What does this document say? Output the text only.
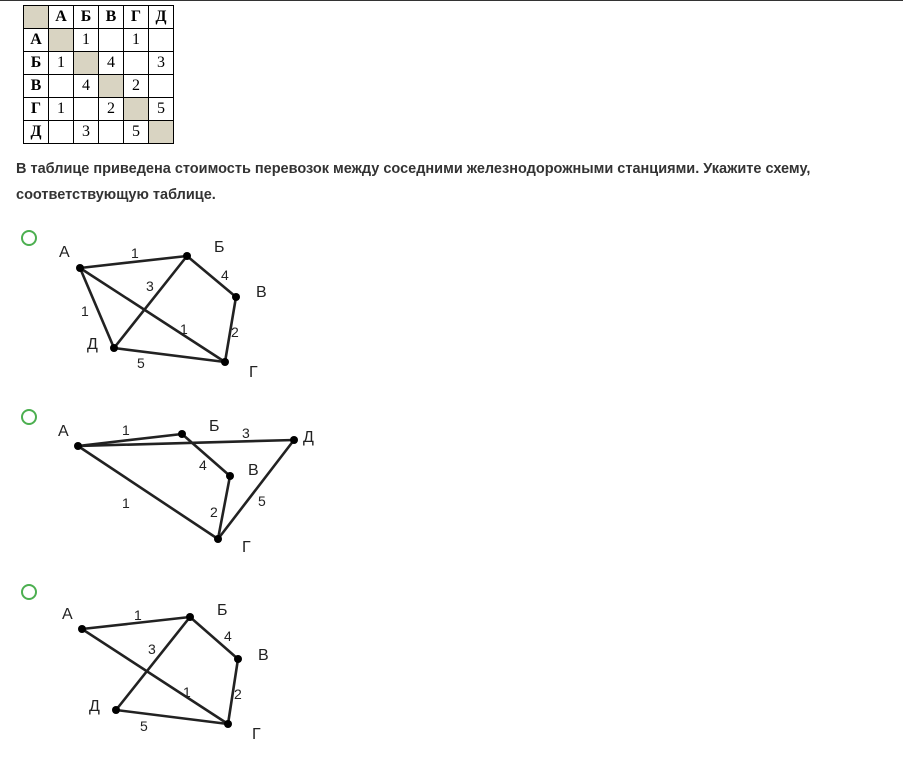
	А	Б	В	Г	Д
А		1		1	
Б	1		4		3
В		4		2	
Г	1		2		5
Д		3		5	

В таблице приведена стоимость перевозок между соседними железнодорожными станциями. Укажите схему, соответствующую таблице.

А	Б
В
Г
Д
1
4
2
1
3
1
5
А	Б
Д
В
Г
1	3
4
1
2
5
А	Б
В
Д
Г
1
4
3
1	2
5
